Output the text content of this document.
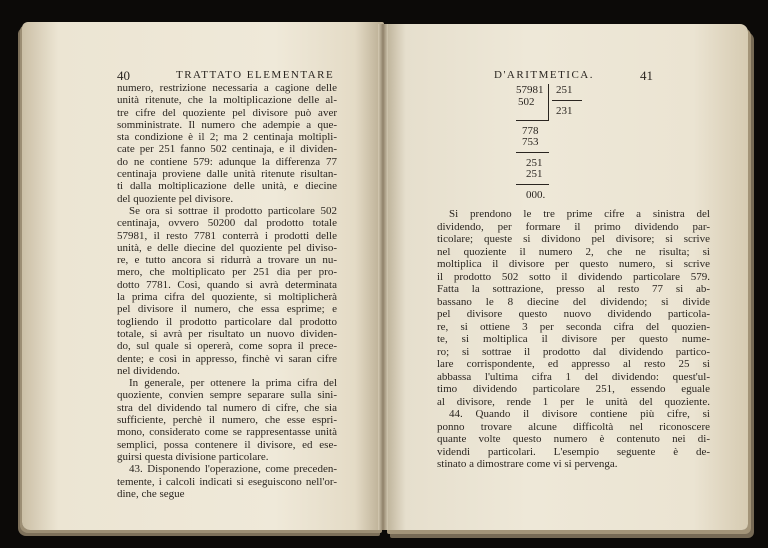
40	TRATTATO ELEMENTARE
numero, restrizione necessaria a cagione delle
unità ritenute, che la moltiplicazione delle al-
tre cifre del quoziente pel divisore può aver
somministrate. Il numero che adempie a que-
sta condizione è il 2; ma 2 centinaja moltipli-
cate per 251 fanno 502 centinaja, e il dividen-
do ne contiene 579: adunque la differenza 77
centinaja proviene dalle unità ritenute risultan-
ti dalla moltiplicazione delle unità, e diecine
del quoziente pel divisore.
Se ora si sottrae il prodotto particolare 502
centinaja, ovvero 50200 dal prodotto totale
57981, il resto 7781 conterrà i prodotti delle
unità, e delle diecine del quoziente pel diviso-
re, e tutto ancora si ridurrà a trovare un nu-
mero, che moltiplicato per 251 dia per pro-
dotto 7781. Così, quando si avrà determinata
la prima cifra del quoziente, si moltiplicherà
pel divisore il numero, che essa esprime; e
togliendo il prodotto particolare dal prodotto
totale, si avrà per risultato un nuovo dividen-
do, sul quale si opererà, come sopra il prece-
dente; e così in appresso, finchè vi saran cifre
nel dividendo.
In generale, per ottenere la prima cifra del
quoziente, convien sempre separare sulla sini-
stra del dividendo tal numero di cifre, che sia
sufficiente, perchè il numero, che esse espri-
mono, considerato come se rappresentasse unità
semplici, possa contenere il divisore, ed ese-
guirsi questa divisione particolare.
43. Disponendo l'operazione, come preceden-
temente, i calcoli indicati si eseguiscono nell'or-
dine, che segue
D'ARITMETICA.	41
57981
502
251
231
778
753
251
251
000.
Si prendono le tre prime cifre a sinistra del
dividendo, per formare il primo dividendo par-
ticolare; queste si dividono pel divisore; si scrive
nel quoziente il numero 2, che ne risulta; si
moltiplica il divisore per questo numero, si scrive
il prodotto 502 sotto il dividendo particolare 579.
Fatta la sottrazione, presso al resto 77 si ab-
bassano le 8 diecine del dividendo; si divide
pel divisore questo nuovo dividendo particola-
re, si ottiene 3 per seconda cifra del quozien-
te, si moltiplica il divisore per questo nume-
ro; si sottrae il prodotto dal dividendo partico-
lare corrispondente, ed appresso al resto 25 si
abbassa l'ultima cifra 1 del dividendo: quest'ul-
timo dividendo particolare 251, essendo eguale
al divisore, rende 1 per le unità del quoziente.
44. Quando il divisore contiene più cifre, si
ponno trovare alcune difficoltà nel riconoscere
quante volte questo numero è contenuto nei di-
videndi particolari. L'esempio seguente è de-
stinato a dimostrare come vi si pervenga.
